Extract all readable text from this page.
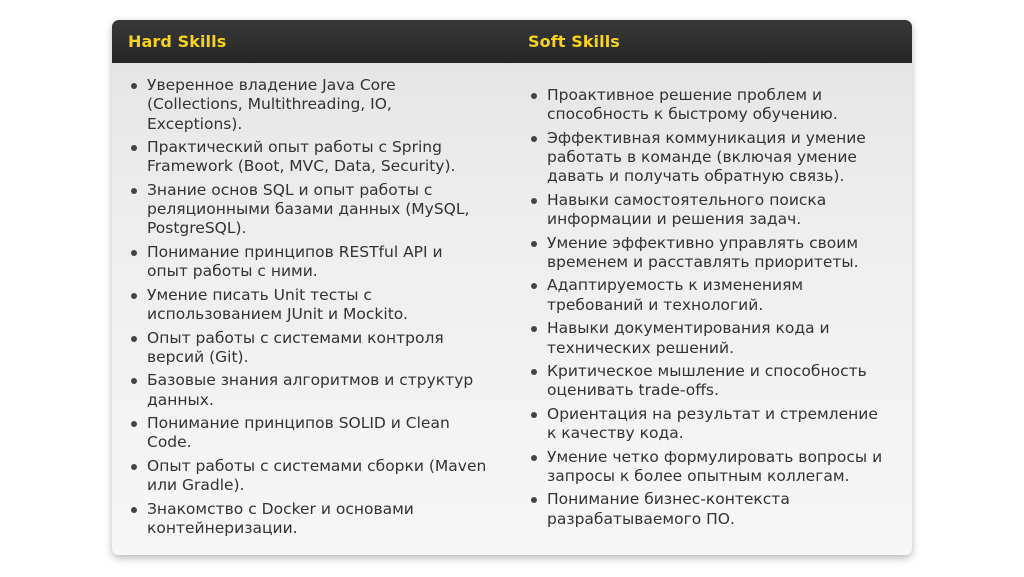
Hard Skills	Soft Skills
Уверенное владение Java Core (Collections, Multithreading, IO, Exceptions).
Практический опыт работы с Spring Framework (Boot, MVC, Data, Security).
Знание основ SQL и опыт работы с реляционными базами данных (MySQL, PostgreSQL).
Понимание принципов RESTful API и опыт работы с ними.
Умение писать Unit тесты с использованием JUnit и Mockito.
Опыт работы с системами контроля версий (Git).
Базовые знания алгоритмов и структур данных.
Понимание принципов SOLID и Clean Code.
Опыт работы с системами сборки (Maven или Gradle).
Знакомство с Docker и основами контейнеризации.
Проактивное решение проблем и способность к быстрому обучению.
Эффективная коммуникация и умение работать в команде (включая умение давать и получать обратную связь).
Навыки самостоятельного поиска информации и решения задач.
Умение эффективно управлять своим временем и расставлять приоритеты.
Адаптируемость к изменениям требований и технологий.
Навыки документирования кода и технических решений.
Критическое мышление и способность оценивать trade-offs.
Ориентация на результат и стремление к качеству кода.
Умение четко формулировать вопросы и запросы к более опытным коллегам.
Понимание бизнес-контекста разрабатываемого ПО.
